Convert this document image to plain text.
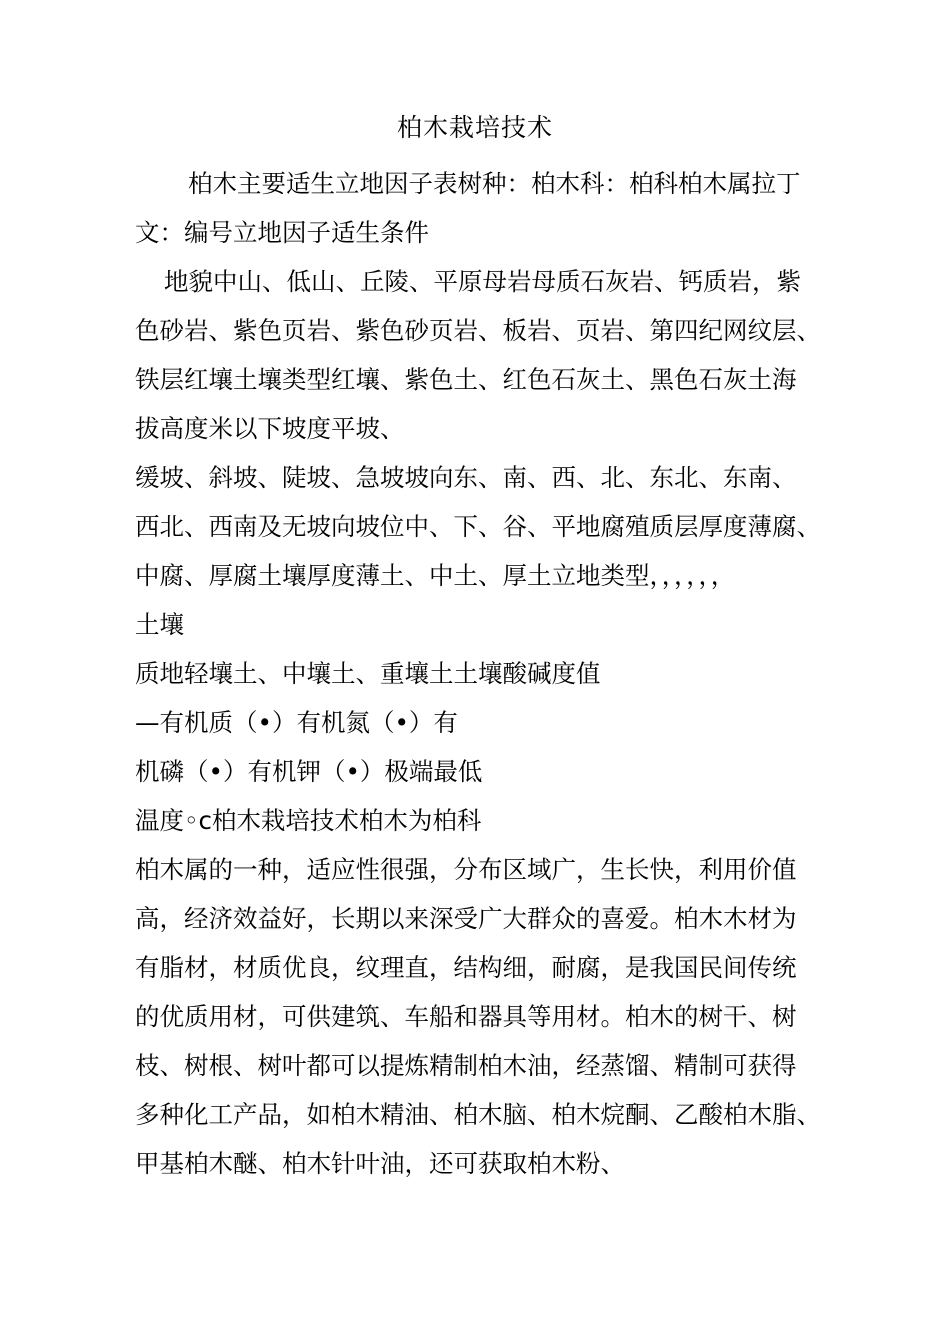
柏木栽培技术
柏木主要适生立地因子表树种：柏木科：柏科柏木属拉丁
文：编号立地因子适生条件
地貌中山、低山、丘陵、平原母岩母质石灰岩、钙质岩，紫
色砂岩、紫色页岩、紫色砂页岩、板岩、页岩、第四纪网纹层、
铁层红壤土壤类型红壤、紫色土、红色石灰土、黑色石灰土海
拔高度米以下坡度平坡、
缓坡、斜坡、陡坡、急坡坡向东、南、西、北、东北、东南、
西北、西南及无坡向坡位中、下、谷、平地腐殖质层厚度薄腐、
中腐、厚腐土壤厚度薄土、中土、厚土立地类型，，，，，，
土壤
质地轻壤土、中壤土、重壤土土壤酸碱度值
—有机质（•）有机氮（•）有
机磷（•）有机钾（•）极端最低
温度◦c柏木栽培技术柏木为柏科
柏木属的一种，适应性很强，分布区域广，生长快，利用价值
高，经济效益好，长期以来深受广大群众的喜爱。柏木木材为
有脂材，材质优良，纹理直，结构细，耐腐，是我国民间传统
的优质用材，可供建筑、车船和器具等用材。柏木的树干、树
枝、树根、树叶都可以提炼精制柏木油，经蒸馏、精制可获得
多种化工产品，如柏木精油、柏木脑、柏木烷酮、乙酸柏木脂、
甲基柏木醚、柏木针叶油，还可获取柏木粉、
